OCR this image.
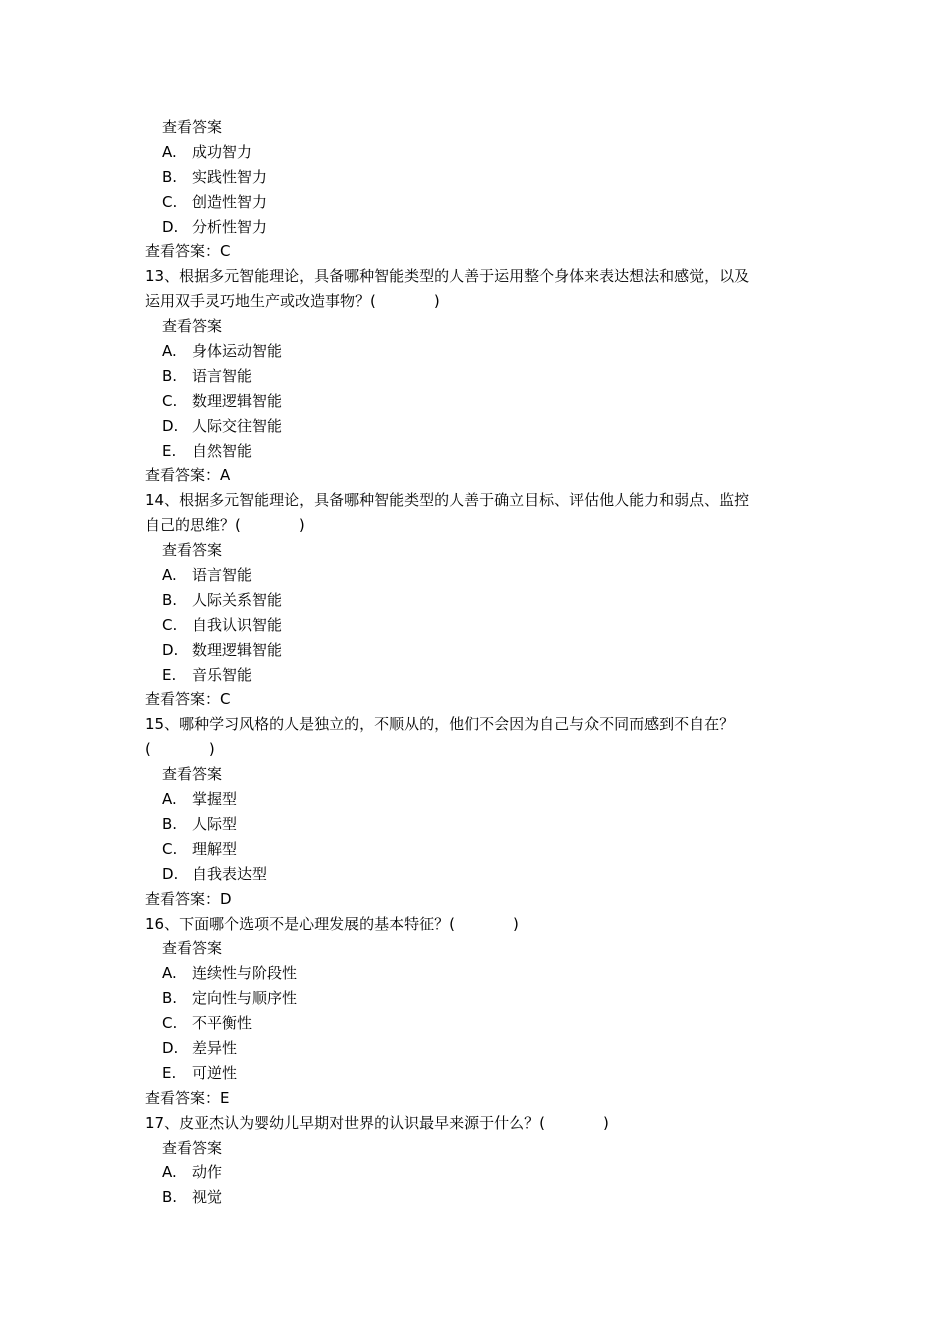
查看答案
A.	成功智力
B. 实践性智力
C. 创造性智力
D. 分析性智力
查看答案：C
13、根据多元智能理论，具备哪种智能类型的人善于运用整个身体来表达想法和感觉，以及
运用双手灵巧地生产或改造事物？(	)
查看答案
A.	身体运动智能
B. 语言智能
C. 数理逻辑智能
D. 人际交往智能
E.	自然智能
查看答案：A
14、根据多元智能理论，具备哪种智能类型的人善于确立目标、评估他人能力和弱点、监控
自己的思维？(	)
查看答案
A.	语言智能
B. 人际关系智能
C. 自我认识智能
D. 数理逻辑智能
E.	音乐智能
查看答案：C
15、哪种学习风格的人是独立的，不顺从的，他们不会因为自己与众不同而感到不自在？
(	)
查看答案
A.	掌握型
B. 人际型
C. 理解型
D. 自我表达型
查看答案：D
16、下面哪个选项不是心理发展的基本特征？(	)
查看答案
A.	连续性与阶段性
B. 定向性与顺序性
C. 不平衡性
D. 差异性
E.	可逆性
查看答案：E
17、皮亚杰认为婴幼儿早期对世界的认识最早来源于什么？(	)
查看答案
A.	动作
B. 视觉
